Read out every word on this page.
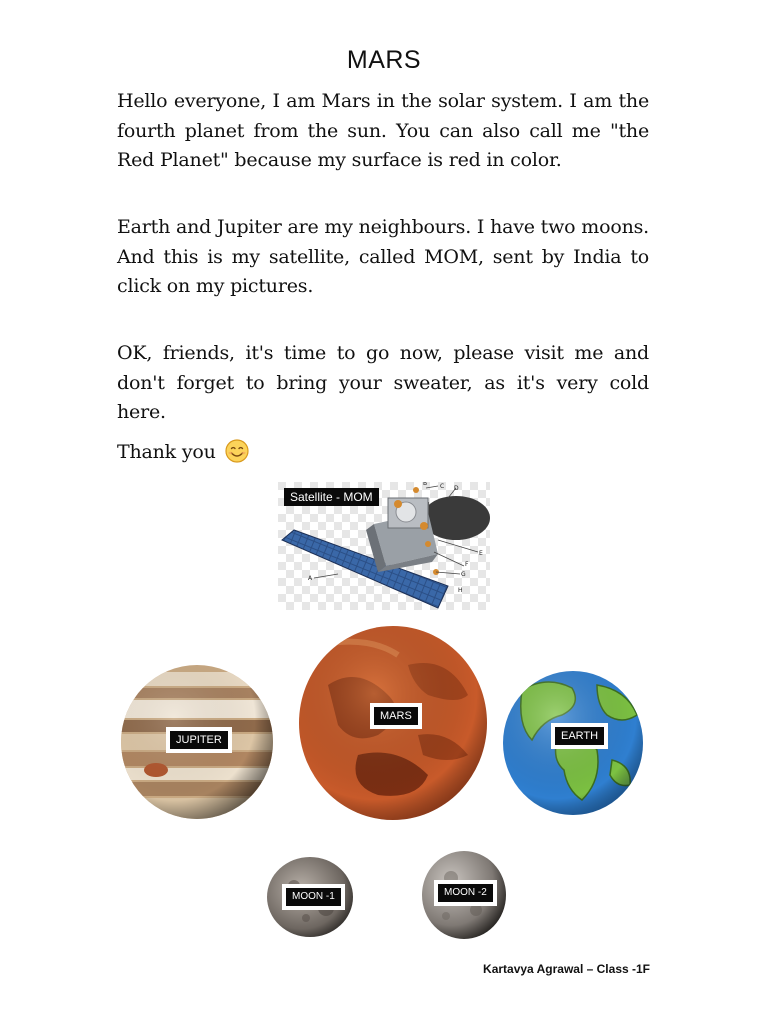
MARS

Hello everyone, I am Mars in the solar system. I am the fourth planet from the sun. You can also call me "the Red Planet" because my surface is red in color.

Earth and Jupiter are my neighbours. I have two moons. And this is my satellite, called MOM, sent by India to click on my pictures.

OK, friends, it's time to go now, please visit me and don't forget to bring your sweater, as it's very cold here.

Thank you

A
B C D
E
F
G
H
Satellite - MOM
JUPITER
MARS
EARTH
MOON -1	MOON -2
Kartavya Agrawal – Class -1F
